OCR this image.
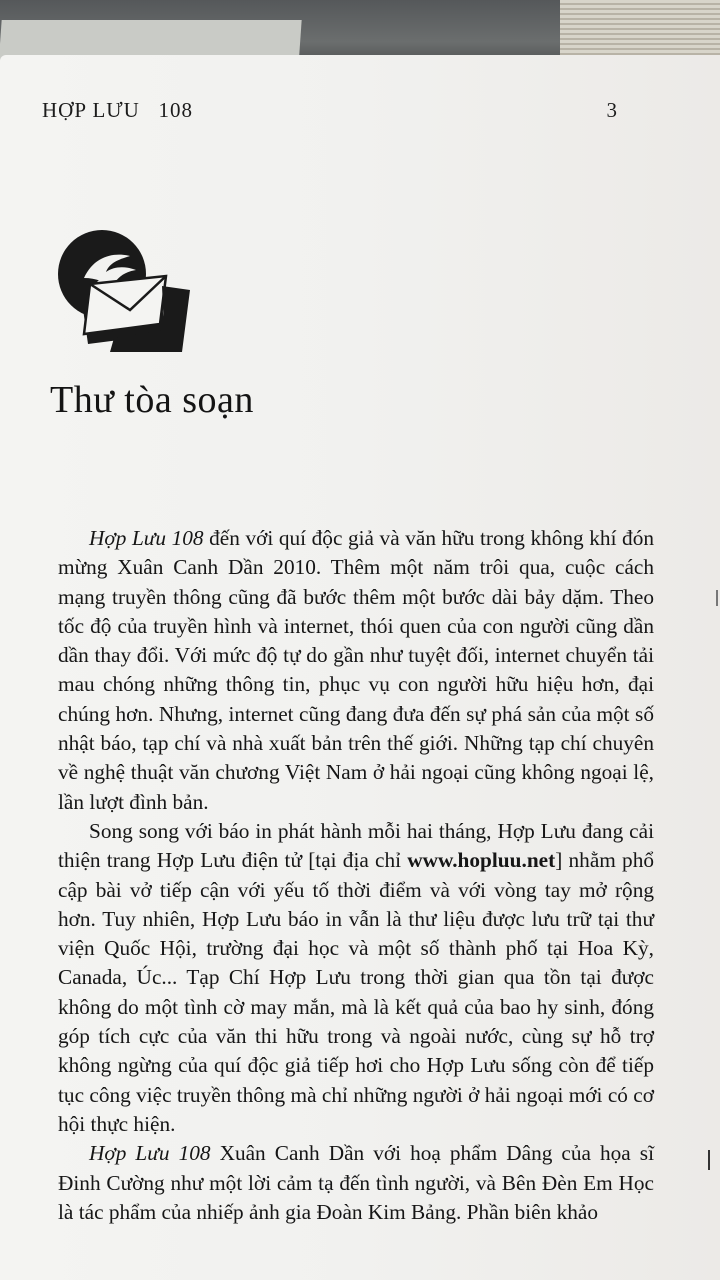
HỢP LƯU 108	3
Thư tòa soạn

Hợp Lưu 108 đến với quí độc giả và văn hữu trong không khí đón mừng Xuân Canh Dần 2010. Thêm một năm trôi qua, cuộc cách mạng truyền thông cũng đã bước thêm một bước dài bảy dặm. Theo tốc độ của truyền hình và internet, thói quen của con người cũng dần dần thay đổi. Với mức độ tự do gần như tuyệt đối, internet chuyển tải mau chóng những thông tin, phục vụ con người hữu hiệu hơn, đại chúng hơn. Nhưng, internet cũng đang đưa đến sự phá sản của một số nhật báo, tạp chí và nhà xuất bản trên thế giới. Những tạp chí chuyên về nghệ thuật văn chương Việt Nam ở hải ngoại cũng không ngoại lệ, lần lượt đình bản.

Song song với báo in phát hành mỗi hai tháng, Hợp Lưu đang cải thiện trang Hợp Lưu điện tử [tại địa chỉ www.hopluu.net] nhằm phổ cập bài vở tiếp cận với yếu tố thời điểm và với vòng tay mở rộng hơn. Tuy nhiên, Hợp Lưu báo in vẫn là thư liệu được lưu trữ tại thư viện Quốc Hội, trường đại học và một số thành phố tại Hoa Kỳ, Canada, Úc... Tạp Chí Hợp Lưu trong thời gian qua tồn tại được không do một tình cờ may mắn, mà là kết quả của bao hy sinh, đóng góp tích cực của văn thi hữu trong và ngoài nước, cùng sự hỗ trợ không ngừng của quí độc giả tiếp hơi cho Hợp Lưu sống còn để tiếp tục công việc truyền thông mà chỉ những người ở hải ngoại mới có cơ hội thực hiện.

Hợp Lưu 108 Xuân Canh Dần với hoạ phẩm Dâng của họa sĩ Đinh Cường như một lời cảm tạ đến tình người, và Bên Đèn Em Học là tác phẩm của nhiếp ảnh gia Đoàn Kim Bảng. Phần biên khảo
